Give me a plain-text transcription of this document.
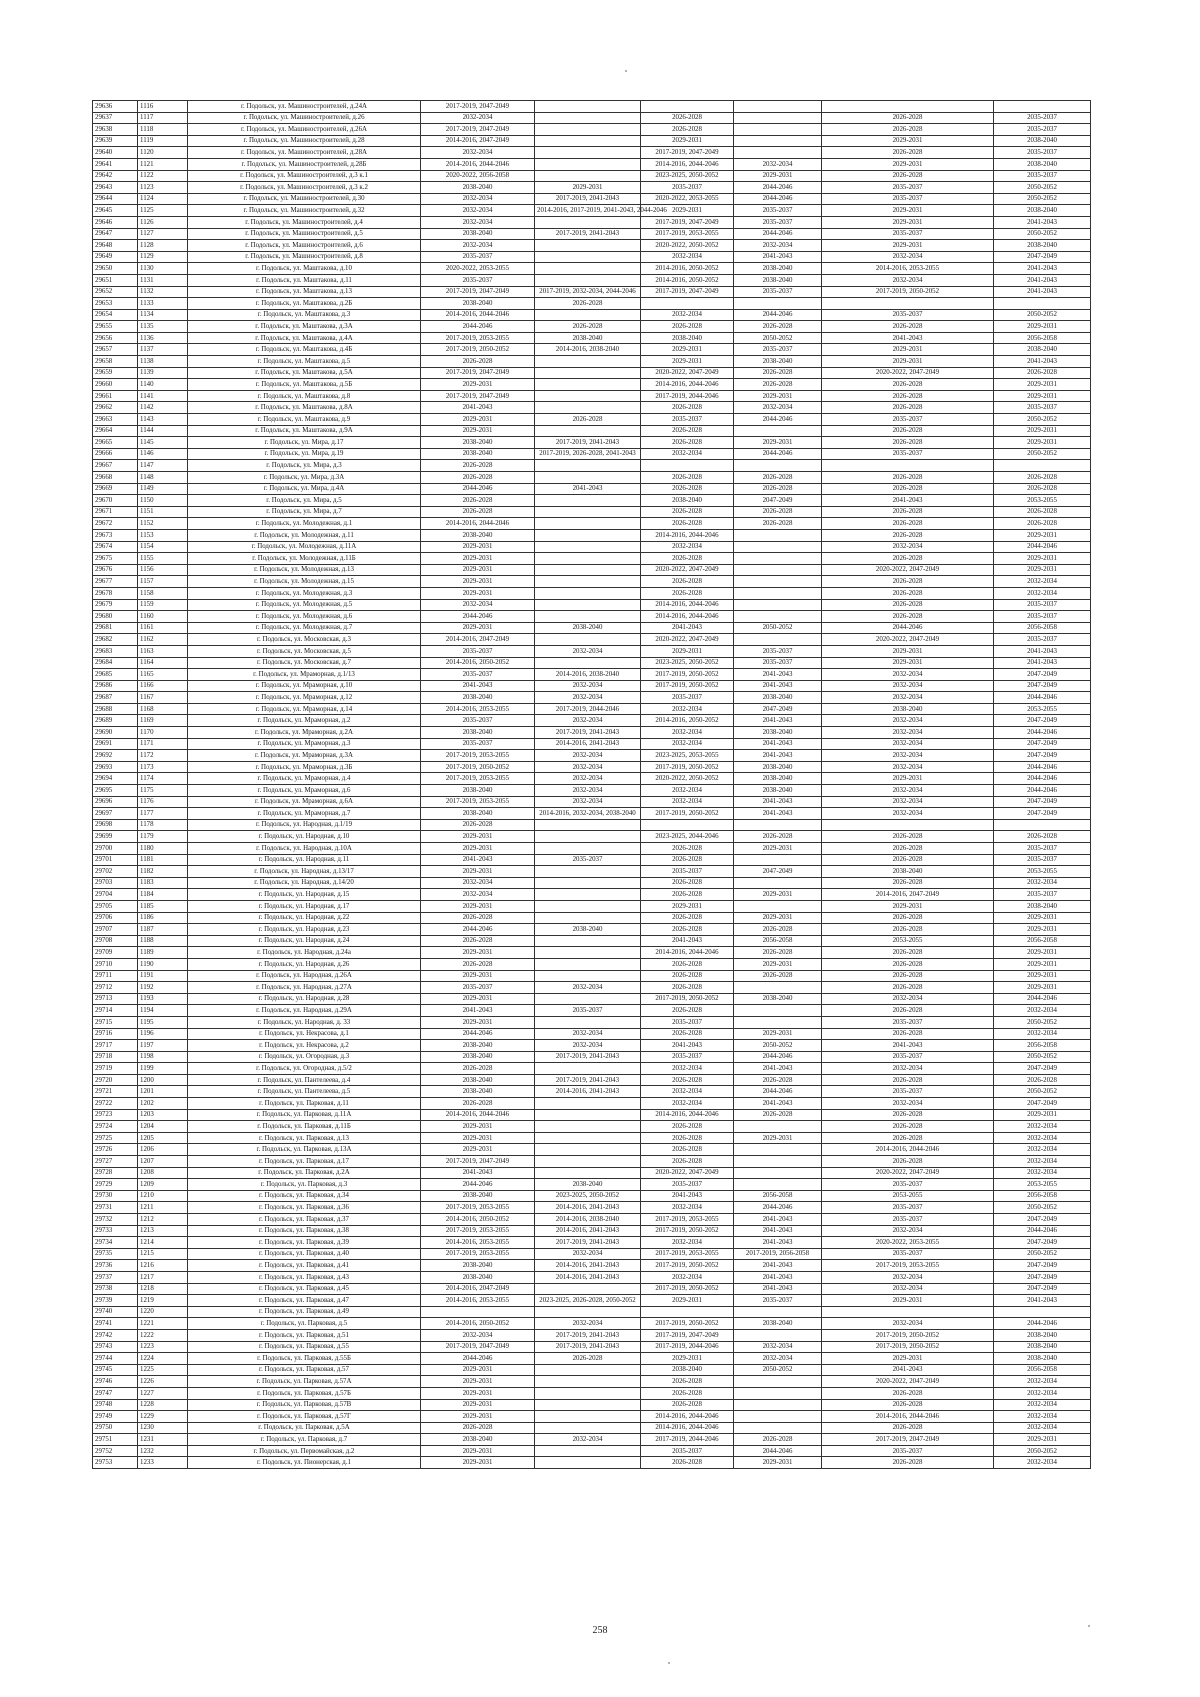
29636	1116	г. Подольск, ул. Машиностроителей, д.24А	2017-2019, 2047-2049					
29637	1117	г. Подольск, ул. Машиностроителей, д.26	2032-2034		2026-2028		2026-2028	2035-2037
29638	1118	г. Подольск, ул. Машиностроителей, д.26А	2017-2019, 2047-2049		2026-2028		2026-2028	2035-2037
29639	1119	г. Подольск, ул. Машиностроителей, д.28	2014-2016, 2047-2049		2029-2031		2029-2031	2038-2040
29640	1120	г. Подольск, ул. Машиностроителей, д.28А	2032-2034		2017-2019, 2047-2049		2026-2028	2035-2037
29641	1121	г. Подольск, ул. Машиностроителей, д.28Б	2014-2016, 2044-2046		2014-2016, 2044-2046	2032-2034	2029-2031	2038-2040
29642	1122	г. Подольск, ул. Машиностроителей, д.3 к.1	2020-2022, 2056-2058		2023-2025, 2050-2052	2029-2031	2026-2028	2035-2037
29643	1123	г. Подольск, ул. Машиностроителей, д.3 к.2	2038-2040	2029-2031	2035-2037	2044-2046	2035-2037	2050-2052
29644	1124	г. Подольск, ул. Машиностроителей, д.30	2032-2034	2017-2019, 2041-2043	2020-2022, 2053-2055	2044-2046	2035-2037	2050-2052
29645	1125	г. Подольск, ул. Машиностроителей, д.32	2032-2034	2014-2016, 2017-2019, 2041-2043, 2044-2046	2029-2031	2035-2037	2029-2031	2038-2040
29646	1126	г. Подольск, ул. Машиностроителей, д.4	2032-2034		2017-2019, 2047-2049	2035-2037	2029-2031	2041-2043
29647	1127	г. Подольск, ул. Машиностроителей, д.5	2038-2040	2017-2019, 2041-2043	2017-2019, 2053-2055	2044-2046	2035-2037	2050-2052
29648	1128	г. Подольск, ул. Машиностроителей, д.6	2032-2034		2020-2022, 2050-2052	2032-2034	2029-2031	2038-2040
29649	1129	г. Подольск, ул. Машиностроителей, д.8	2035-2037		2032-2034	2041-2043	2032-2034	2047-2049
29650	1130	г. Подольск, ул. Маштакова, д.10	2020-2022, 2053-2055		2014-2016, 2050-2052	2038-2040	2014-2016, 2053-2055	2041-2043
29651	1131	г. Подольск, ул. Маштакова, д.11	2035-2037		2014-2016, 2050-2052	2038-2040	2032-2034	2041-2043
29652	1132	г. Подольск, ул. Маштакова, д.13	2017-2019, 2047-2049	2017-2019, 2032-2034, 2044-2046	2017-2019, 2047-2049	2035-2037	2017-2019, 2050-2052	2041-2043
29653	1133	г. Подольск, ул. Маштакова, д.2Б	2038-2040	2026-2028				
29654	1134	г. Подольск, ул. Маштакова, д.3	2014-2016, 2044-2046		2032-2034	2044-2046	2035-2037	2050-2052
29655	1135	г. Подольск, ул. Маштакова, д.3А	2044-2046	2026-2028	2026-2028	2026-2028	2026-2028	2029-2031
29656	1136	г. Подольск, ул. Маштакова, д.4А	2017-2019, 2053-2055	2038-2040	2038-2040	2050-2052	2041-2043	2056-2058
29657	1137	г. Подольск, ул. Маштакова, д.4Б	2017-2019, 2050-2052	2014-2016, 2038-2040	2029-2031	2035-2037	2029-2031	2038-2040
29658	1138	г. Подольск, ул. Маштакова, д.5	2026-2028		2029-2031	2038-2040	2029-2031	2041-2043
29659	1139	г. Подольск, ул. Маштакова, д.5А	2017-2019, 2047-2049		2020-2022, 2047-2049	2026-2028	2020-2022, 2047-2049	2026-2028
29660	1140	г. Подольск, ул. Маштакова, д.5Б	2029-2031		2014-2016, 2044-2046	2026-2028	2026-2028	2029-2031
29661	1141	г. Подольск, ул. Маштакова, д.8	2017-2019, 2047-2049		2017-2019, 2044-2046	2029-2031	2026-2028	2029-2031
29662	1142	г. Подольск, ул. Маштакова, д.8А	2041-2043		2026-2028	2032-2034	2026-2028	2035-2037
29663	1143	г. Подольск, ул. Маштакова, д.9	2029-2031	2026-2028	2035-2037	2044-2046	2035-2037	2050-2052
29664	1144	г. Подольск, ул. Маштакова, д.9А	2029-2031		2026-2028		2026-2028	2029-2031
29665	1145	г. Подольск, ул. Мира, д.17	2038-2040	2017-2019, 2041-2043	2026-2028	2029-2031	2026-2028	2029-2031
29666	1146	г. Подольск, ул. Мира, д.19	2038-2040	2017-2019, 2026-2028, 2041-2043	2032-2034	2044-2046	2035-2037	2050-2052
29667	1147	г. Подольск, ул. Мира, д.3	2026-2028					
29668	1148	г. Подольск, ул. Мира, д.3А	2026-2028		2026-2028	2026-2028	2026-2028	2026-2028
29669	1149	г. Подольск, ул. Мира, д.4А	2044-2046	2041-2043	2026-2028	2026-2028	2026-2028	2026-2028
29670	1150	г. Подольск, ул. Мира, д.5	2026-2028		2038-2040	2047-2049	2041-2043	2053-2055
29671	1151	г. Подольск, ул. Мира, д.7	2026-2028		2026-2028	2026-2028	2026-2028	2026-2028
29672	1152	г. Подольск, ул. Молодежная, д.1	2014-2016, 2044-2046		2026-2028	2026-2028	2026-2028	2026-2028
29673	1153	г. Подольск, ул. Молодежная, д.11	2038-2040		2014-2016, 2044-2046		2026-2028	2029-2031
29674	1154	г. Подольск, ул. Молодежная, д.11А	2029-2031		2032-2034		2032-2034	2044-2046
29675	1155	г. Подольск, ул. Молодежная, д.11Б	2029-2031		2026-2028		2026-2028	2029-2031
29676	1156	г. Подольск, ул. Молодежная, д.13	2029-2031		2020-2022, 2047-2049		2020-2022, 2047-2049	2029-2031
29677	1157	г. Подольск, ул. Молодежная, д.15	2029-2031		2026-2028		2026-2028	2032-2034
29678	1158	г. Подольск, ул. Молодежная, д.3	2029-2031		2026-2028		2026-2028	2032-2034
29679	1159	г. Подольск, ул. Молодежная, д.5	2032-2034		2014-2016, 2044-2046		2026-2028	2035-2037
29680	1160	г. Подольск, ул. Молодежная, д.6	2044-2046		2014-2016, 2044-2046		2026-2028	2035-2037
29681	1161	г. Подольск, ул. Молодежная, д.7	2029-2031	2038-2040	2041-2043	2050-2052	2044-2046	2056-2058
29682	1162	г. Подольск, ул. Московская, д.3	2014-2016, 2047-2049		2020-2022, 2047-2049		2020-2022, 2047-2049	2035-2037
29683	1163	г. Подольск, ул. Московская, д.5	2035-2037	2032-2034	2029-2031	2035-2037	2029-2031	2041-2043
29684	1164	г. Подольск, ул. Московская, д.7	2014-2016, 2050-2052		2023-2025, 2050-2052	2035-2037	2029-2031	2041-2043
29685	1165	г. Подольск, ул. Мраморная, д.1/13	2035-2037	2014-2016, 2038-2040	2017-2019, 2050-2052	2041-2043	2032-2034	2047-2049
29686	1166	г. Подольск, ул. Мраморная, д.10	2041-2043	2032-2034	2017-2019, 2050-2052	2041-2043	2032-2034	2047-2049
29687	1167	г. Подольск, ул. Мраморная, д.12	2038-2040	2032-2034	2035-2037	2038-2040	2032-2034	2044-2046
29688	1168	г. Подольск, ул. Мраморная, д.14	2014-2016, 2053-2055	2017-2019, 2044-2046	2032-2034	2047-2049	2038-2040	2053-2055
29689	1169	г. Подольск, ул. Мраморная, д.2	2035-2037	2032-2034	2014-2016, 2050-2052	2041-2043	2032-2034	2047-2049
29690	1170	г. Подольск, ул. Мраморная, д.2А	2038-2040	2017-2019, 2041-2043	2032-2034	2038-2040	2032-2034	2044-2046
29691	1171	г. Подольск, ул. Мраморная, д.3	2035-2037	2014-2016, 2041-2043	2032-2034	2041-2043	2032-2034	2047-2049
29692	1172	г. Подольск, ул. Мраморная, д.3А	2017-2019, 2053-2055	2032-2034	2023-2025, 2053-2055	2041-2043	2032-2034	2047-2049
29693	1173	г. Подольск, ул. Мраморная, д.3Б	2017-2019, 2050-2052	2032-2034	2017-2019, 2050-2052	2038-2040	2032-2034	2044-2046
29694	1174	г. Подольск, ул. Мраморная, д.4	2017-2019, 2053-2055	2032-2034	2020-2022, 2050-2052	2038-2040	2029-2031	2044-2046
29695	1175	г. Подольск, ул. Мраморная, д.6	2038-2040	2032-2034	2032-2034	2038-2040	2032-2034	2044-2046
29696	1176	г. Подольск, ул. Мраморная, д.6А	2017-2019, 2053-2055	2032-2034	2032-2034	2041-2043	2032-2034	2047-2049
29697	1177	г. Подольск, ул. Мраморная, д.7	2038-2040	2014-2016, 2032-2034, 2038-2040	2017-2019, 2050-2052	2041-2043	2032-2034	2047-2049
29698	1178	г. Подольск, ул. Народная, д.1/19	2026-2028					
29699	1179	г. Подольск, ул. Народная, д.10	2029-2031		2023-2025, 2044-2046	2026-2028	2026-2028	2026-2028
29700	1180	г. Подольск, ул. Народная, д.10А	2029-2031		2026-2028	2029-2031	2026-2028	2035-2037
29701	1181	г. Подольск, ул. Народная, д.11	2041-2043	2035-2037	2026-2028		2026-2028	2035-2037
29702	1182	г. Подольск, ул. Народная, д.13/17	2029-2031		2035-2037	2047-2049	2038-2040	2053-2055
29703	1183	г. Подольск, ул. Народная, д.14/20	2032-2034		2026-2028		2026-2028	2032-2034
29704	1184	г. Подольск, ул. Народная, д.15	2032-2034		2026-2028	2029-2031	2014-2016, 2047-2049	2035-2037
29705	1185	г. Подольск, ул. Народная, д.17	2029-2031		2029-2031		2029-2031	2038-2040
29706	1186	г. Подольск, ул. Народная, д.22	2026-2028		2026-2028	2029-2031	2026-2028	2029-2031
29707	1187	г. Подольск, ул. Народная, д.23	2044-2046	2038-2040	2026-2028	2026-2028	2026-2028	2029-2031
29708	1188	г. Подольск, ул. Народная, д.24	2026-2028		2041-2043	2056-2058	2053-2055	2056-2058
29709	1189	г. Подольск, ул. Народная, д.24а	2029-2031		2014-2016, 2044-2046	2026-2028	2026-2028	2029-2031
29710	1190	г. Подольск, ул. Народная, д.26	2026-2028		2026-2028	2029-2031	2026-2028	2029-2031
29711	1191	г. Подольск, ул. Народная, д.26А	2029-2031		2026-2028	2026-2028	2026-2028	2029-2031
29712	1192	г. Подольск, ул. Народная, д.27А	2035-2037	2032-2034	2026-2028		2026-2028	2029-2031
29713	1193	г. Подольск, ул. Народная, д.28	2029-2031		2017-2019, 2050-2052	2038-2040	2032-2034	2044-2046
29714	1194	г. Подольск, ул. Народная, д.29А	2041-2043	2035-2037	2026-2028		2026-2028	2032-2034
29715	1195	г. Подольск, ул. Народная, д. 33	2029-2031		2035-2037		2035-2037	2050-2052
29716	1196	г. Подольск, ул. Некрасова, д.1	2044-2046	2032-2034	2026-2028	2029-2031	2026-2028	2032-2034
29717	1197	г. Подольск, ул. Некрасова, д.2	2038-2040	2032-2034	2041-2043	2050-2052	2041-2043	2056-2058
29718	1198	г. Подольск, ул. Огородная, д.3	2038-2040	2017-2019, 2041-2043	2035-2037	2044-2046	2035-2037	2050-2052
29719	1199	г. Подольск, ул. Огородная, д.5/2	2026-2028		2032-2034	2041-2043	2032-2034	2047-2049
29720	1200	г. Подольск, ул. Пантелеева, д.4	2038-2040	2017-2019, 2041-2043	2026-2028	2026-2028	2026-2028	2026-2028
29721	1201	г. Подольск, ул. Пантелеева, д.5	2038-2040	2014-2016, 2041-2043	2032-2034	2044-2046	2035-2037	2050-2052
29722	1202	г. Подольск, ул. Парковая, д.11	2026-2028		2032-2034	2041-2043	2032-2034	2047-2049
29723	1203	г. Подольск, ул. Парковая, д.11А	2014-2016, 2044-2046		2014-2016, 2044-2046	2026-2028	2026-2028	2029-2031
29724	1204	г. Подольск, ул. Парковая, д.11Б	2029-2031		2026-2028		2026-2028	2032-2034
29725	1205	г. Подольск, ул. Парковая, д.13	2029-2031		2026-2028	2029-2031	2026-2028	2032-2034
29726	1206	г. Подольск, ул. Парковая, д.13А	2029-2031		2026-2028		2014-2016, 2044-2046	2032-2034
29727	1207	г. Подольск, ул. Парковая, д.17	2017-2019, 2047-2049		2026-2028		2026-2028	2032-2034
29728	1208	г. Подольск, ул. Парковая, д.2А	2041-2043		2020-2022, 2047-2049		2020-2022, 2047-2049	2032-2034
29729	1209	г. Подольск, ул. Парковая, д.3	2044-2046	2038-2040	2035-2037		2035-2037	2053-2055
29730	1210	г. Подольск, ул. Парковая, д.34	2038-2040	2023-2025, 2050-2052	2041-2043	2056-2058	2053-2055	2056-2058
29731	1211	г. Подольск, ул. Парковая, д.36	2017-2019, 2053-2055	2014-2016, 2041-2043	2032-2034	2044-2046	2035-2037	2050-2052
29732	1212	г. Подольск, ул. Парковая, д.37	2014-2016, 2050-2052	2014-2016, 2038-2040	2017-2019, 2053-2055	2041-2043	2035-2037	2047-2049
29733	1213	г. Подольск, ул. Парковая, д.38	2017-2019, 2053-2055	2014-2016, 2041-2043	2017-2019, 2050-2052	2041-2043	2032-2034	2044-2046
29734	1214	г. Подольск, ул. Парковая, д.39	2014-2016, 2053-2055	2017-2019, 2041-2043	2032-2034	2041-2043	2020-2022, 2053-2055	2047-2049
29735	1215	г. Подольск, ул. Парковая, д.40	2017-2019, 2053-2055	2032-2034	2017-2019, 2053-2055	2017-2019, 2056-2058	2035-2037	2050-2052
29736	1216	г. Подольск, ул. Парковая, д.41	2038-2040	2014-2016, 2041-2043	2017-2019, 2050-2052	2041-2043	2017-2019, 2053-2055	2047-2049
29737	1217	г. Подольск, ул. Парковая, д.43	2038-2040	2014-2016, 2041-2043	2032-2034	2041-2043	2032-2034	2047-2049
29738	1218	г. Подольск, ул. Парковая, д.45	2014-2016, 2047-2049		2017-2019, 2050-2052	2041-2043	2032-2034	2047-2049
29739	1219	г. Подольск, ул. Парковая, д.47	2014-2016, 2053-2055	2023-2025, 2026-2028, 2050-2052	2029-2031	2035-2037	2029-2031	2041-2043
29740	1220	г. Подольск, ул. Парковая, д.49						
29741	1221	г. Подольск, ул. Парковая, д.5	2014-2016, 2050-2052	2032-2034	2017-2019, 2050-2052	2038-2040	2032-2034	2044-2046
29742	1222	г. Подольск, ул. Парковая, д.51	2032-2034	2017-2019, 2041-2043	2017-2019, 2047-2049		2017-2019, 2050-2052	2038-2040
29743	1223	г. Подольск, ул. Парковая, д.55	2017-2019, 2047-2049	2017-2019, 2041-2043	2017-2019, 2044-2046	2032-2034	2017-2019, 2050-2052	2038-2040
29744	1224	г. Подольск, ул. Парковая, д.55Б	2044-2046	2026-2028	2029-2031	2032-2034	2029-2031	2038-2040
29745	1225	г. Подольск, ул. Парковая, д.57	2029-2031		2038-2040	2050-2052	2041-2043	2056-2058
29746	1226	г. Подольск, ул. Парковая, д.57А	2029-2031		2026-2028		2020-2022, 2047-2049	2032-2034
29747	1227	г. Подольск, ул. Парковая, д.57Б	2029-2031		2026-2028		2026-2028	2032-2034
29748	1228	г. Подольск, ул. Парковая, д.57В	2029-2031		2026-2028		2026-2028	2032-2034
29749	1229	г. Подольск, ул. Парковая, д.57Г	2029-2031		2014-2016, 2044-2046		2014-2016, 2044-2046	2032-2034
29750	1230	г. Подольск, ул. Парковая, д.5А	2026-2028		2014-2016, 2044-2046		2026-2028	2032-2034
29751	1231	г. Подольск, ул. Парковая, д.7	2038-2040	2032-2034	2017-2019, 2044-2046	2026-2028	2017-2019, 2047-2049	2029-2031
29752	1232	г. Подольск, ул. Первомайская, д.2	2029-2031		2035-2037	2044-2046	2035-2037	2050-2052
29753	1233	г. Подольск, ул. Пионерская, д.1	2029-2031		2026-2028	2029-2031	2026-2028	2032-2034
258
